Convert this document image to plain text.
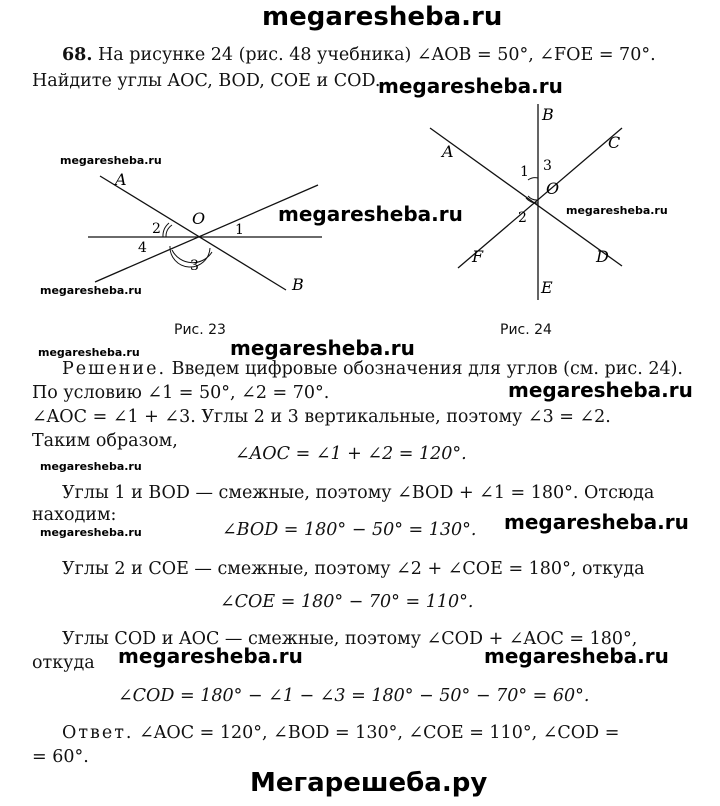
megaresheba.ru
68. На рисунке 24 (рис. 48 учебника) ∠AOB = 50°, ∠FOE = 70°.
Найдите углы AOC, BOD, COE и COD.
megaresheba.ru
A
O
B
1
2
3
4
megaresheba.ru
megaresheba.ru
megaresheba.ru
Рис. 23
A
B
C
D
E
F
O
1
2
3
megaresheba.ru
Рис. 24
megaresheba.ru	megaresheba.ru
Решение. Введем цифровые обозначения для углов (см. рис. 24).
По условию ∠1 = 50°, ∠2 = 70°.	megaresheba.ru
∠AOC = ∠1 + ∠3. Углы 2 и 3 вертикальные, поэтому ∠3 = ∠2.
Таким образом,
∠AOC = ∠1 + ∠2 = 120°.
megaresheba.ru
Углы 1 и BOD — смежные, поэтому ∠BOD + ∠1 = 180°. Отсюда
находим:
∠BOD = 180° − 50° = 130°. megaresheba.ru
megaresheba.ru
Углы 2 и COE — смежные, поэтому ∠2 + ∠COE = 180°, откуда
∠COE = 180° − 70° = 110°.
Углы COD и AOC — смежные, поэтому ∠COD + ∠AOC = 180°,
откуда megaresheba.ru	megaresheba.ru
∠COD = 180° − ∠1 − ∠3 = 180° − 50° − 70° = 60°.
Ответ. ∠AOC = 120°, ∠BOD = 130°, ∠COE = 110°, ∠COD =
= 60°.
Мегарешеба.ру
